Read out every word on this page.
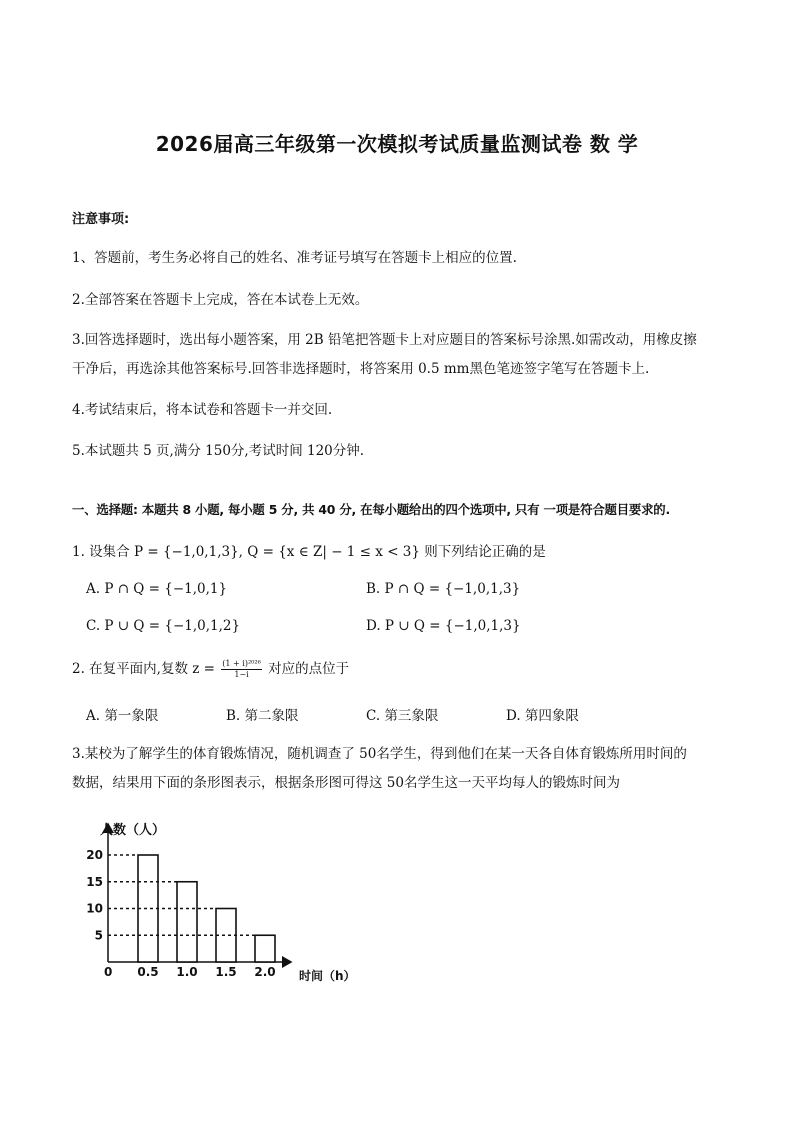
2026届高三年级第一次模拟考试质量监测试卷 数 学
注意事项:
1、答题前，考生务必将自己的姓名、准考证号填写在答题卡上相应的位置.
2.全部答案在答题卡上完成，答在本试卷上无效。
3.回答选择题时，选出每小题答案，用 2B 铅笔把答题卡上对应题目的答案标号涂黑.如需改动，用橡皮擦
干净后，再选涂其他答案标号.回答非选择题时，将答案用 0.5 mm黑色笔迹签字笔写在答题卡上.
4.考试结束后，将本试卷和答题卡一并交回.
5.本试题共 5 页,满分 150分,考试时间 120分钟.
一、选择题: 本题共 8 小题, 每小题 5 分, 共 40 分, 在每小题给出的四个选项中, 只有 一项是符合题目要求的.
1. 设集合 P = {−1,0,1,3}, Q = {x ∈ Z| − 1 ≤ x < 3} 则下列结论正确的是
A. P ∩ Q = {−1,0,1}	B. P ∩ Q = {−1,0,1,3}
C. P ∪ Q = {−1,0,1,2}	D. P ∪ Q = {−1,0,1,3}
2. 在复平面内,复数 $z = \frac{\text{(1 + i)²⁰²⁶}}{1-i}$ 对应的点位于
A. 第一象限	B. 第二象限	C. 第三象限	D. 第四象限
3.某校为了解学生的体育锻炼情况，随机调查了 50名学生，得到他们在某一天各自体育锻炼所用时间的
数据，结果用下面的条形图表示，根据条形图可得这 50名学生这一天平均每人的锻炼时间为
人数（人）
时间（h）
0 0.5 1.0 1.5 2.0
5
10
15
20
